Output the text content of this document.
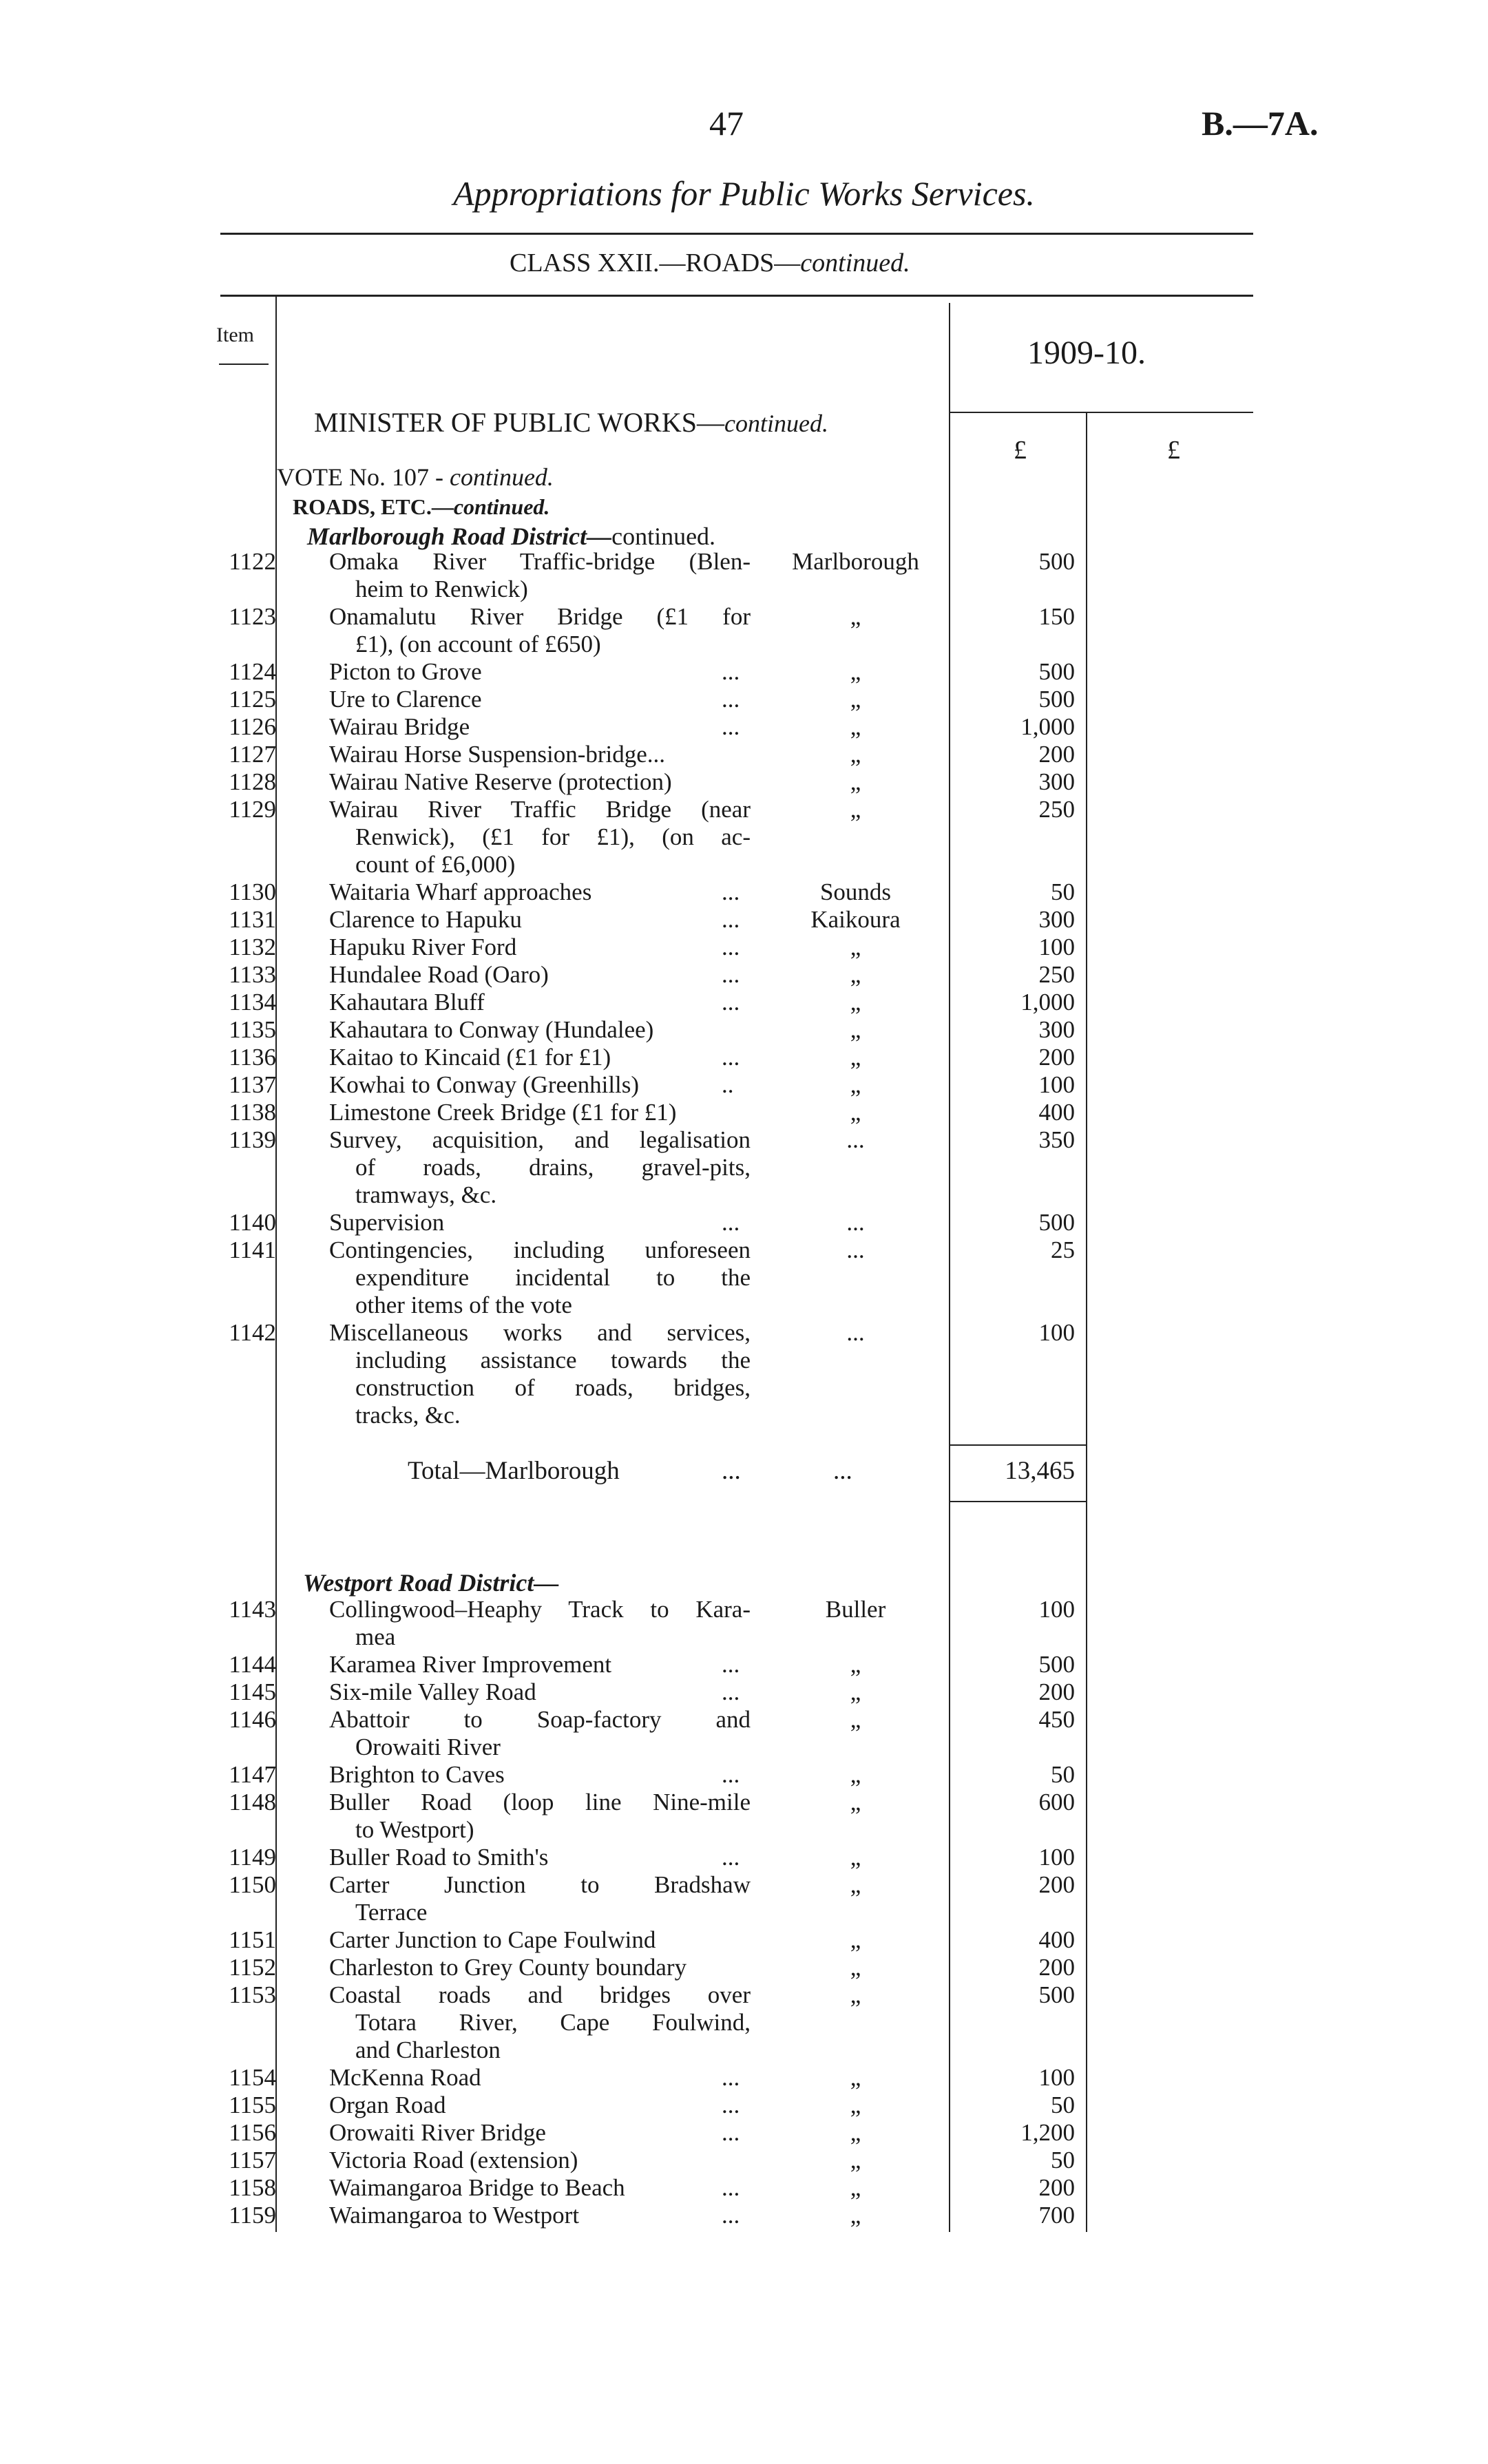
47	B.—7A.
Appropriations for Public Works Services.
CLASS XXII.—ROADS—continued.
Item	1909-10.
£	£
MINISTER OF PUBLIC WORKS—continued.
VOTE No. 107 - continued.
ROADS, ETC.—continued.
Marlborough Road District—continued.
1122 Omaka River Traffic-bridge (Blen-
heim to Renwick)
Marlborough	500
1123 Onamalutu River Bridge (£1 for
£1), (on account of £650)
„	150
1124 Picton to Grove	...	„	500
1125 Ure to Clarence	...	„	500
1126 Wairau Bridge	...	„	1,000
1127 Wairau Horse Suspension-bridge...	„	200
1128 Wairau Native Reserve (protection)	„	300
1129 Wairau River Traffic Bridge (near
Renwick), (£1 for £1), (on ac-
count of £6,000)
„	250
1130 Waitaria Wharf approaches	...	Sounds	50
1131 Clarence to Hapuku	...	Kaikoura	300
1132 Hapuku River Ford	...	„	100
1133 Hundalee Road (Oaro)	...	„	250
1134 Kahautara Bluff	...	„	1,000
1135 Kahautara to Conway (Hundalee)	„	300
1136 Kaitao to Kincaid (£1 for £1)	...	„	200
1137 Kowhai to Conway (Greenhills)	..	„	100
1138 Limestone Creek Bridge (£1 for £1)	„	400
1139 Survey, acquisition, and legalisation
of roads, drains, gravel-pits,
tramways, &c.
...	350
1140 Supervision	...	...	500
1141 Contingencies, including unforeseen
expenditure incidental to the
other items of the vote
...	25
1142 Miscellaneous works and services,
including assistance towards the
construction of roads, bridges,
tracks, &c.
...	100
Total—Marlborough	...	...	13,465
Westport Road District—
1143 Collingwood–Heaphy Track to Kara-
mea
Buller	100
1144 Karamea River Improvement	...	„	500
1145 Six-mile Valley Road	...	„	200
1146 Abattoir to Soap-factory and
Orowaiti River
„	450
1147 Brighton to Caves	...	„	50
1148 Buller Road (loop line Nine-mile
to Westport)
„	600
1149 Buller Road to Smith's	...	„	100
1150 Carter Junction to Bradshaw
Terrace
„	200
1151 Carter Junction to Cape Foulwind	„	400
1152 Charleston to Grey County boundary	„	200
1153 Coastal roads and bridges over
Totara River, Cape Foulwind,
and Charleston
„	500
1154 McKenna Road	...	„	100
1155 Organ Road	...	„	50
1156 Orowaiti River Bridge	...	„	1,200
1157 Victoria Road (extension)	„	50
1158 Waimangaroa Bridge to Beach	...	„	200
1159 Waimangaroa to Westport	...	„	700
